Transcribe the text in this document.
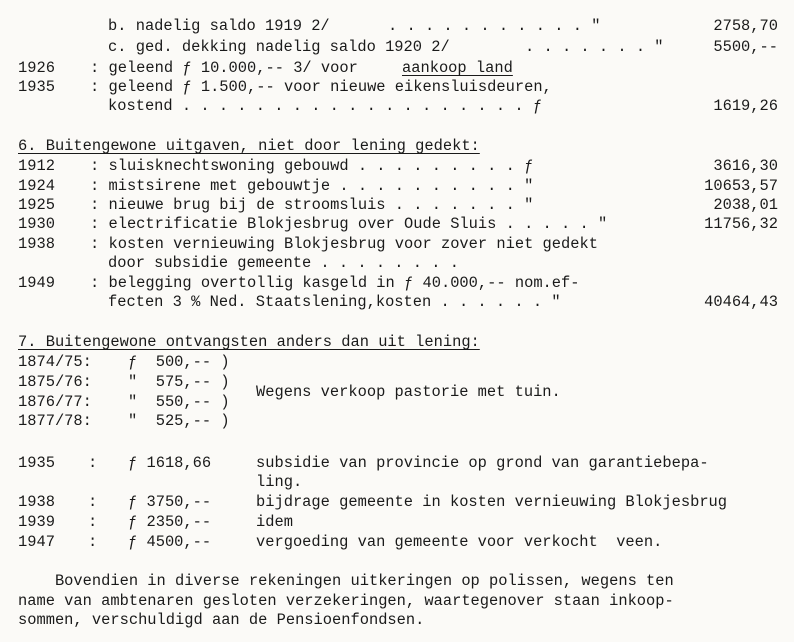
b. nadelig saldo 1919 2/	. . . . . . . . . . . "	2758,70
c. ged. dekking nadelig saldo 1920 2/	. . . . . . . "	5500,--
1926 : geleend ƒ 10.000,-- 3/ voor	aankoop land
1935 : geleend ƒ 1.500,-- voor nieuwe eikensluisdeuren,
kostend . . . . . . . . . . . . . . . . . . . ƒ	1619,26
6. Buitengewone uitgaven, niet door lening gedekt:
1912 : sluisknechtswoning gebouwd . . . . . . . . . ƒ	3616,30
1924 : mistsirene met gebouwtje . . . . . . . . . . "	10653,57
1925 : nieuwe brug bij de stroomsluis . . . . . . . "	2038,01
1930 : electrificatie Blokjesbrug over Oude Sluis . . . . . "	11756,32
1938 : kosten vernieuwing Blokjesbrug voor zover niet gedekt
door subsidie gemeente . . . . . . . .
1949 : belegging overtollig kasgeld in ƒ 40.000,-- nom.ef-
fecten 3 % Ned. Staatslening,kosten . . . . . . "	40464,43
7. Buitengewone ontvangsten anders dan uit lening:
1874/75: ƒ  500,-- )
1875/76: "  575,-- )
1876/77: "  550,-- )
1877/78: "  525,-- )
Wegens verkoop pastorie met tuin.
1935 : ƒ 1618,66	subsidie van provincie op grond van garantiebepa-
ling.
1938 : ƒ 3750,--	bijdrage gemeente in kosten vernieuwing Blokjesbrug
1939 : ƒ 2350,--	idem
1947 : ƒ 4500,--	vergoeding van gemeente voor verkocht  veen.
Bovendien in diverse rekeningen uitkeringen op polissen, wegens ten
name van ambtenaren gesloten verzekeringen, waartegenover staan inkoop-
sommen, verschuldigd aan de Pensioenfondsen.
